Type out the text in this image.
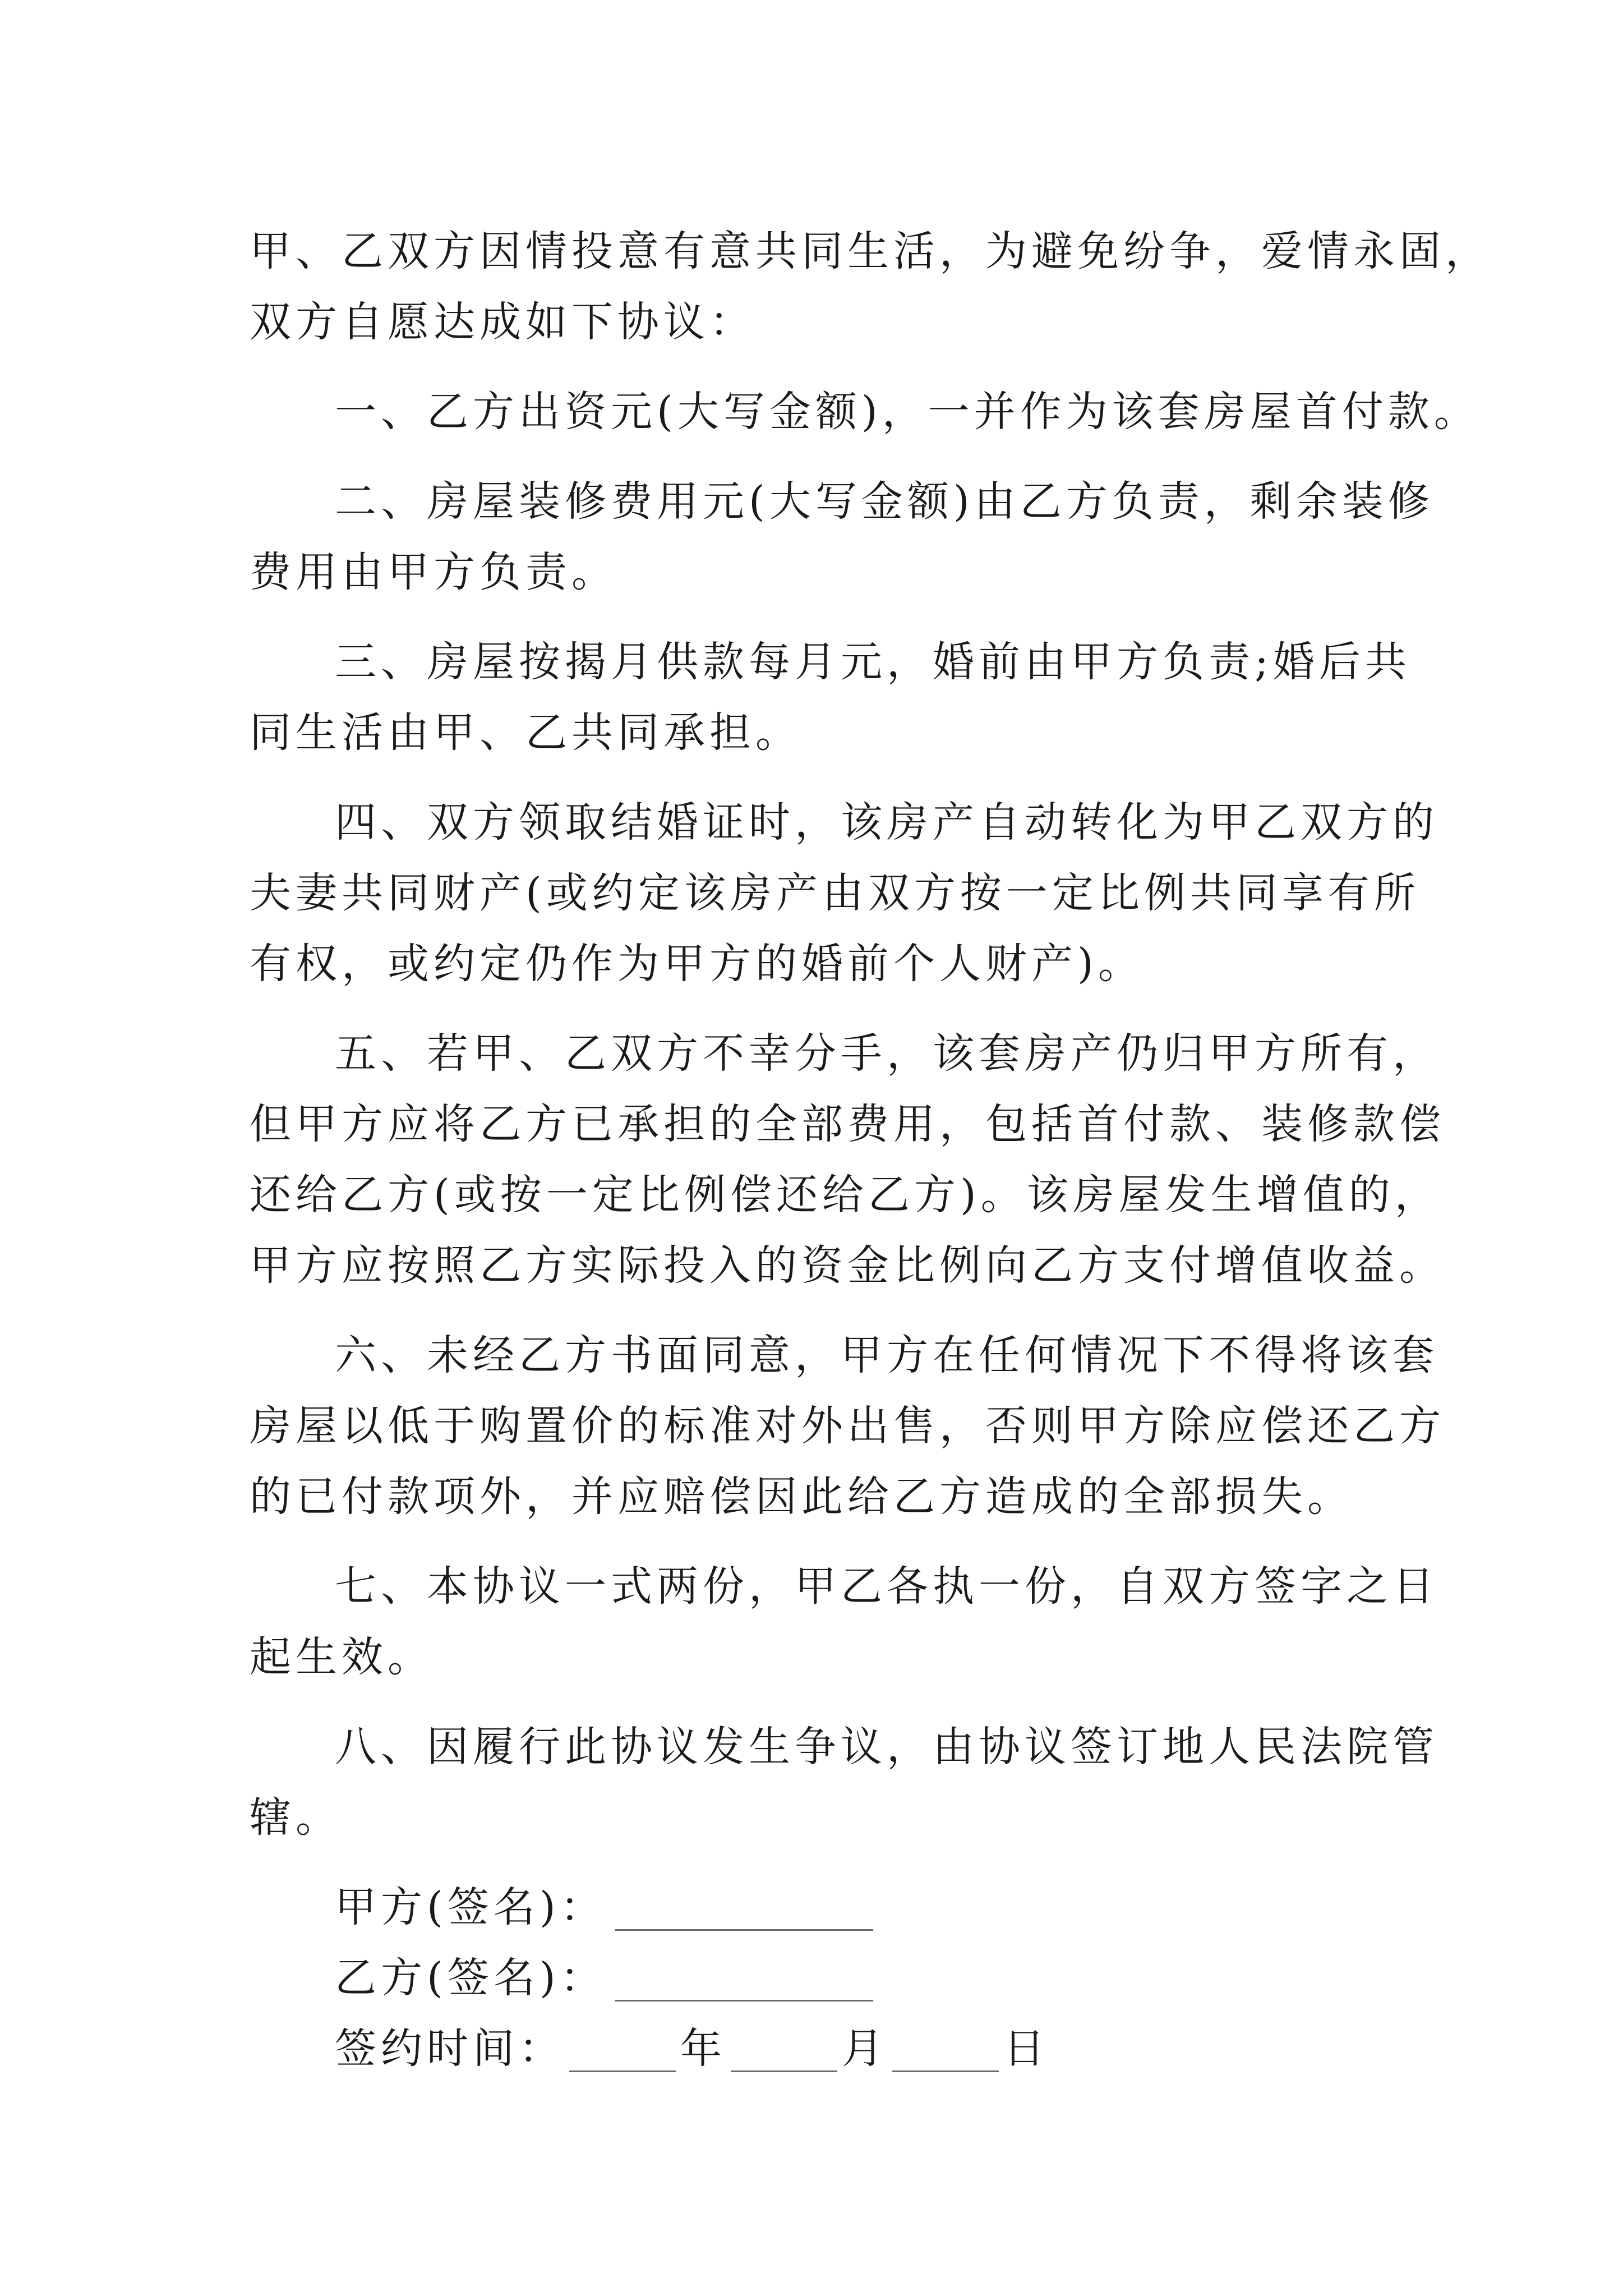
甲、乙双方因情投意有意共同生活，为避免纷争，爱情永固，

双方自愿达成如下协议：

一、乙方出资元(大写金额)，一并作为该套房屋首付款。

二、房屋装修费用元(大写金额)由乙方负责，剩余装修

费用由甲方负责。

三、房屋按揭月供款每月元，婚前由甲方负责;婚后共

同生活由甲、乙共同承担。

四、双方领取结婚证时，该房产自动转化为甲乙双方的

夫妻共同财产(或约定该房产由双方按一定比例共同享有所

有权，或约定仍作为甲方的婚前个人财产)。

五、若甲、乙双方不幸分手，该套房产仍归甲方所有，

但甲方应将乙方已承担的全部费用，包括首付款、装修款偿

还给乙方(或按一定比例偿还给乙方)。该房屋发生增值的，

甲方应按照乙方实际投入的资金比例向乙方支付增值收益。

六、未经乙方书面同意，甲方在任何情况下不得将该套

房屋以低于购置价的标准对外出售，否则甲方除应偿还乙方

的已付款项外，并应赔偿因此给乙方造成的全部损失。

七、本协议一式两份，甲乙各执一份，自双方签字之日

起生效。

八、因履行此协议发生争议，由协议签订地人民法院管

辖。

甲方(签名)：
乙方(签名)：
签约时间：	年	月	日
